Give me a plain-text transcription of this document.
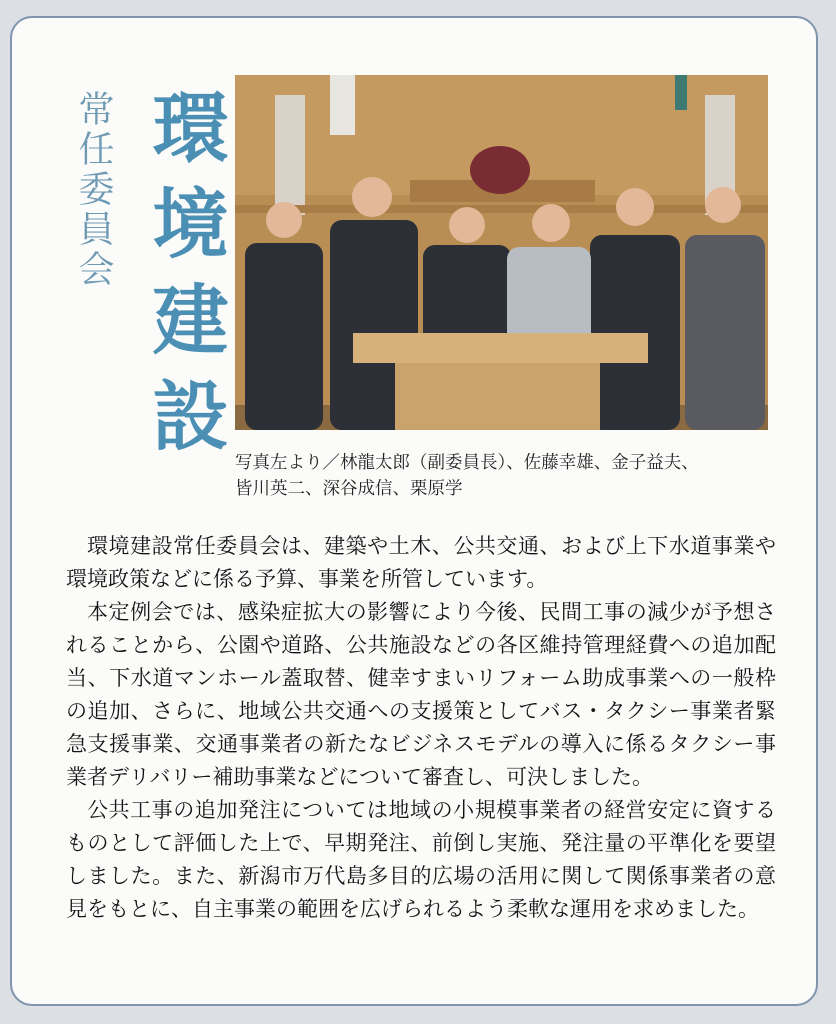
常任委員会 環境建設 写真左より／林龍太郎（副委員長）、佐藤幸雄、金子益夫、
皆川英二、深谷成信、栗原学

環境建設常任委員会は、建築や土木、公共交通、および上下水道事業や環境政策などに係る予算、事業を所管しています。

本定例会では、感染症拡大の影響により今後、民間工事の減少が予想されることから、公園や道路、公共施設などの各区維持管理経費への追加配当、下水道マンホール蓋取替、健幸すまいリフォーム助成事業への一般枠の追加、さらに、地域公共交通への支援策としてバス・タクシー事業者緊急支援事業、交通事業者の新たなビジネスモデルの導入に係るタクシー事業者デリバリー補助事業などについて審査し、可決しました。

公共工事の追加発注については地域の小規模事業者の経営安定に資するものとして評価した上で、早期発注、前倒し実施、発注量の平準化を要望しました。また、新潟市万代島多目的広場の活用に関して関係事業者の意見をもとに、自主事業の範囲を広げられるよう柔軟な運用を求めました。
